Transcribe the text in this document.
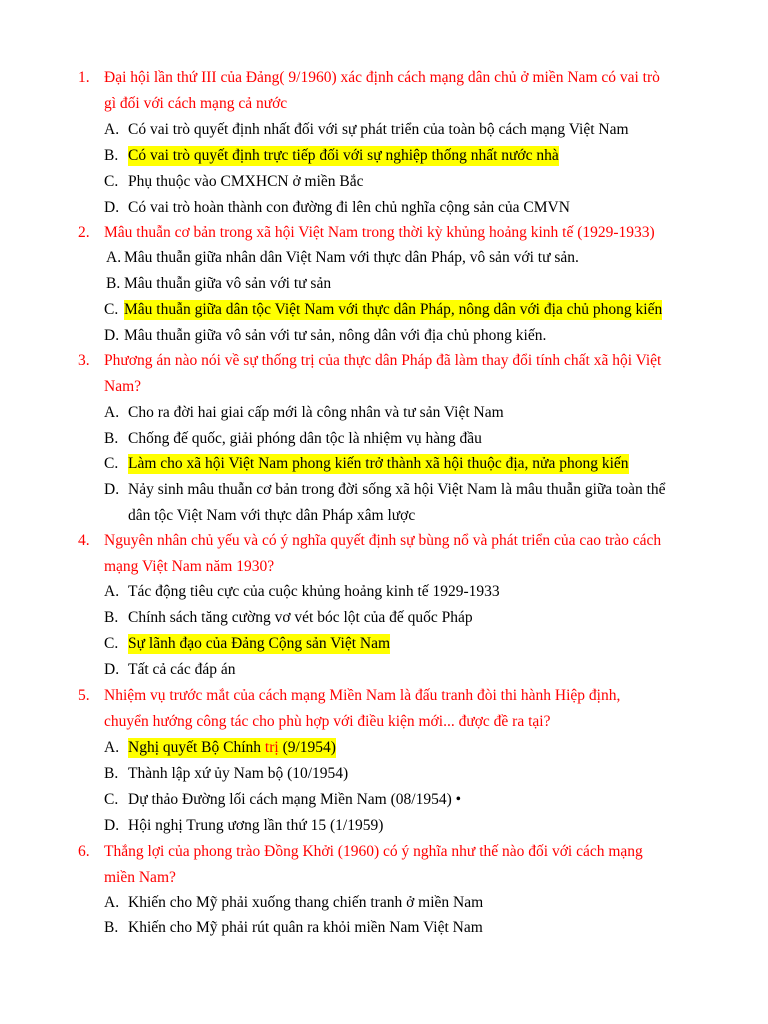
1. Đại hội lần thứ III của Đảng( 9/1960) xác định cách mạng dân chủ ở miền Nam có vai trò
gì đối với cách mạng cả nước
A. Có vai trò quyết định nhất đối với sự phát triển của toàn bộ cách mạng Việt Nam
B. Có vai trò quyết định trực tiếp đối với sự nghiệp thống nhất nước nhà
C. Phụ thuộc vào CMXHCN ở miền Bắc
D. Có vai trò hoàn thành con đường đi lên chủ nghĩa cộng sản của CMVN
2. Mâu thuẫn cơ bản trong xã hội Việt Nam trong thời kỳ khủng hoảng kinh tế (1929-1933)
A. Mâu thuẫn giữa nhân dân Việt Nam với thực dân Pháp, vô sản với tư sản.
B. Mâu thuẫn giữa vô sản với tư sản
C. Mâu thuẫn giữa dân tộc Việt Nam với thực dân Pháp, nông dân với địa chủ phong kiến
D. Mâu thuẫn giữa vô sản với tư sản, nông dân với địa chủ phong kiến.
3. Phương án nào nói về sự thống trị của thực dân Pháp đã làm thay đổi tính chất xã hội Việt
Nam?
A. Cho ra đời hai giai cấp mới là công nhân và tư sản Việt Nam
B. Chống đế quốc, giải phóng dân tộc là nhiệm vụ hàng đầu
C. Làm cho xã hội Việt Nam phong kiến trở thành xã hội thuộc địa, nửa phong kiến
D. Nảy sinh mâu thuẫn cơ bản trong đời sống xã hội Việt Nam là mâu thuẫn giữa toàn thể
dân tộc Việt Nam với thực dân Pháp xâm lược
4. Nguyên nhân chủ yếu và có ý nghĩa quyết định sự bùng nổ và phát triển của cao trào cách
mạng Việt Nam năm 1930?
A. Tác động tiêu cực của cuộc khủng hoảng kinh tế 1929-1933
B. Chính sách tăng cường vơ vét bóc lột của đế quốc Pháp
C. Sự lãnh đạo của Đảng Cộng sản Việt Nam
D. Tất cả các đáp án
5. Nhiệm vụ trước mắt của cách mạng Miền Nam là đấu tranh đòi thi hành Hiệp định,
chuyển hướng công tác cho phù hợp với điều kiện mới... được đề ra tại?
A. Nghị quyết Bộ Chính trị (9/1954)
B. Thành lập xứ ủy Nam bộ (10/1954)
C. Dự thảo Đường lối cách mạng Miền Nam (08/1954) •
D. Hội nghị Trung ương lần thứ 15 (1/1959)
6. Thắng lợi của phong trào Đồng Khởi (1960) có ý nghĩa như thế nào đối với cách mạng
miền Nam?
A. Khiến cho Mỹ phải xuống thang chiến tranh ở miền Nam
B. Khiến cho Mỹ phải rút quân ra khỏi miền Nam Việt Nam
